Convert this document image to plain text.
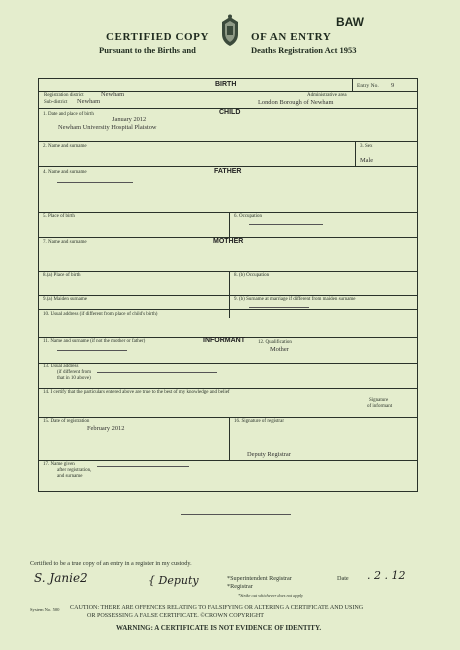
CERTIFIED COPY	OF AN ENTRY
Pursuant to the Births and	Deaths Registration Act 1953
BAW
BIRTH	Entry No. 9
Registration district	Newham
Sub-district Newham
Administrative area
London Borough of Newham
CHILD
1. Date and place of birth
January 2012
Newham University Hospital Plaistow
2. Name and surname	3. Sex
Male
FATHER
4. Name and surname
5. Place of birth	6. Occupation
MOTHER
7. Name and surname
8.(a) Place of birth	8. (b) Occupation
9.(a) Maiden surname	9. (b) Surname at marriage if different from maiden surname
10. Usual address (if different from place of child's birth)
11. Name and surname (if not the mother or father)	INFORMANT	12. Qualification
Mother
13. Usual address
(if different from
that in 10 above)
14. I certify that the particulars entered above are true to the best of my knowledge and belief
Signature
of informant
15. Date of registration
February 2012
16. Signature of registrar
Deputy Registrar
17. Name given
after registration,
and surname
Certified to be a true copy of an entry in a register in my custody.
S. Janie2	{ Deputy	*Superintendent Registrar
*Registrar
*Strike out whichever does not apply
Date . 2 . 12
System No. 500 CAUTION: THERE ARE OFFENCES RELATING TO FALSIFYING OR ALTERING A CERTIFICATE AND USING
OR POSSESSING A FALSE CERTIFICATE. ©CROWN COPYRIGHT
WARNING: A CERTIFICATE IS NOT EVIDENCE OF IDENTITY.
